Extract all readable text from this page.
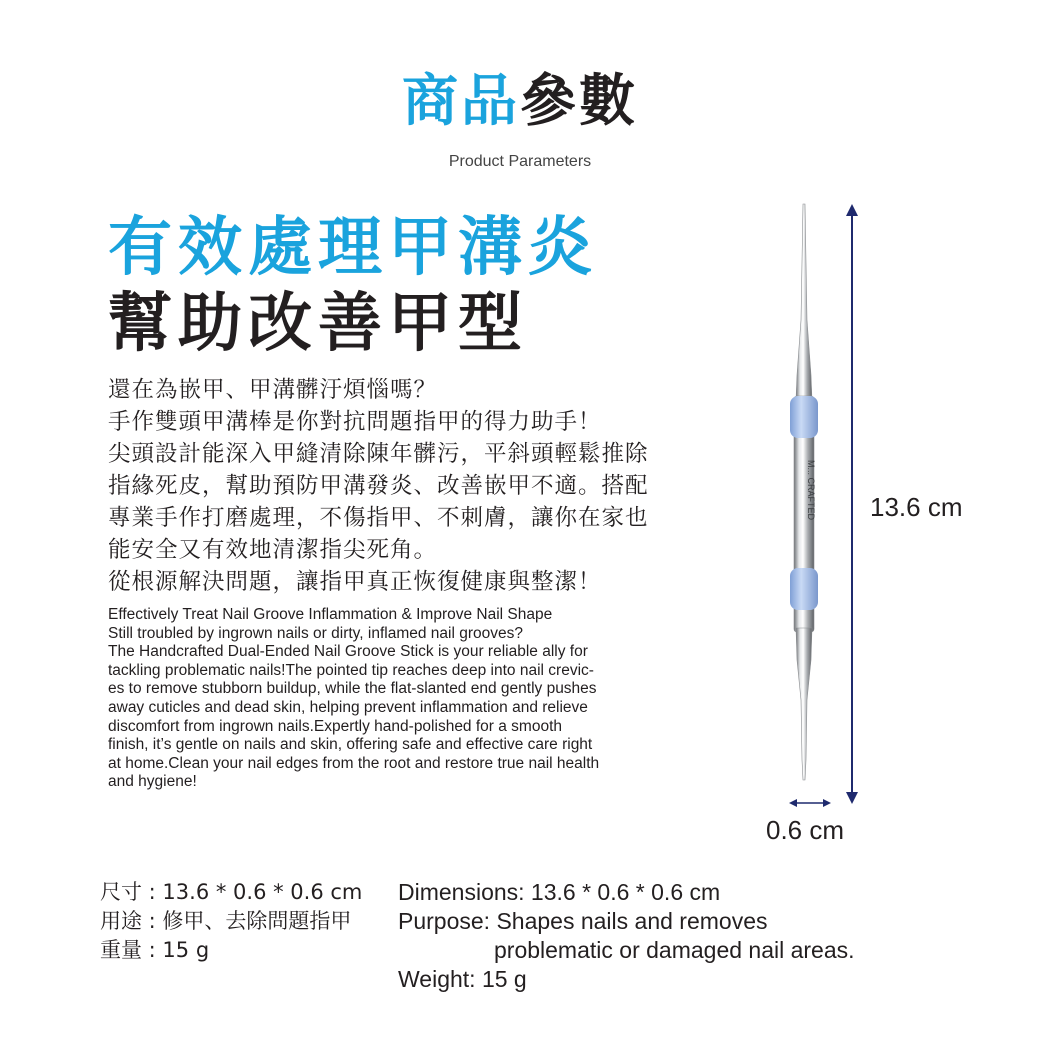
商品參數
Product Parameters
有效處理甲溝炎
幫助改善甲型
還在為嵌甲、甲溝髒汙煩惱嗎？
手作雙頭甲溝棒是你對抗問題指甲的得力助手！
尖頭設計能深入甲縫清除陳年髒污，平斜頭輕鬆推除
指緣死皮，幫助預防甲溝發炎、改善嵌甲不適。搭配
專業手作打磨處理，不傷指甲、不刺膚，讓你在家也
能安全又有效地清潔指尖死角。
從根源解決問題，讓指甲真正恢復健康與整潔！
Effectively Treat Nail Groove Inflammation & Improve Nail Shape
Still troubled by ingrown nails or dirty, inflamed nail grooves?
The Handcrafted Dual-Ended Nail Groove Stick is your reliable ally for
tackling problematic nails!The pointed tip reaches deep into nail crevic-
es to remove stubborn buildup, while the flat-slanted end gently pushes
away cuticles and dead skin, helping prevent inflammation and relieve
discomfort from ingrown nails.Expertly hand-polished for a smooth
finish, it’s gentle on nails and skin, offering safe and effective care right
at home.Clean your nail edges from the root and restore true nail health
and hygiene!
M... CRAFTED 13.6 cm
0.6 cm
尺寸 : 13.6 * 0.6 * 0.6 cm
用途 : 修甲、去除問題指甲
重量 : 15 g
Dimensions: 13.6 * 0.6 * 0.6 cm
Purpose: Shapes nails and removes
problematic or damaged nail areas.
Weight: 15 g
